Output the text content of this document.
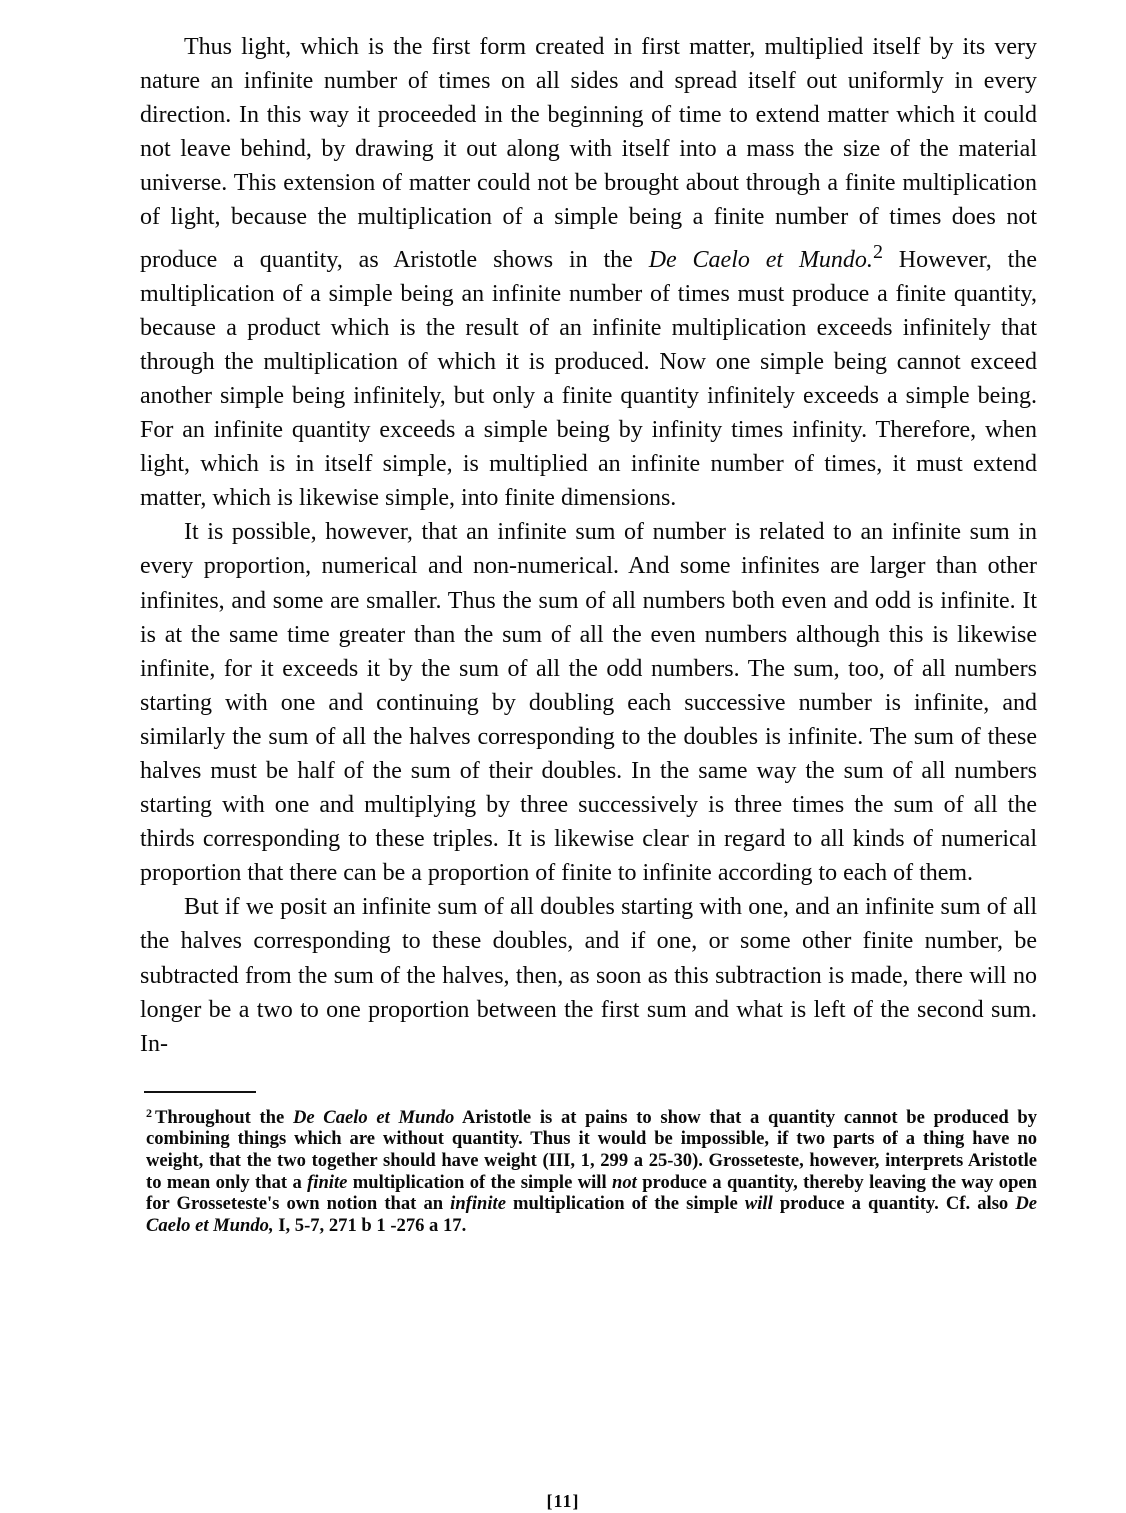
Thus light, which is the first form created in first matter, multiplied itself by its very nature an infinite number of times on all sides and spread itself out uniformly in every direction. In this way it proceeded in the beginning of time to extend matter which it could not leave behind, by drawing it out along with itself into a mass the size of the material universe. This extension of matter could not be brought about through a finite multiplication of light, because the multiplication of a simple being a finite number of times does not produce a quantity, as Aristotle shows in the De Caelo et Mundo.$^2$ However, the multiplication of a simple being an infinite number of times must produce a finite quantity, because a product which is the result of an infinite multiplication exceeds infinitely that through the multiplication of which it is produced. Now one simple being cannot exceed another simple being infinitely, but only a finite quantity infinitely exceeds a simple being. For an infinite quantity exceeds a simple being by infinity times infinity. Therefore, when light, which is in itself simple, is multiplied an infinite number of times, it must extend matter, which is likewise simple, into finite dimensions.

It is possible, however, that an infinite sum of number is related to an infinite sum in every proportion, numerical and non-numerical. And some infinites are larger than other infinites, and some are smaller. Thus the sum of all numbers both even and odd is infinite. It is at the same time greater than the sum of all the even numbers although this is likewise infinite, for it exceeds it by the sum of all the odd numbers. The sum, too, of all numbers starting with one and continuing by doubling each successive number is infinite, and similarly the sum of all the halves corresponding to the doubles is infinite. The sum of these halves must be half of the sum of their doubles. In the same way the sum of all numbers starting with one and multiplying by three successively is three times the sum of all the thirds corresponding to these triples. It is likewise clear in regard to all kinds of numerical proportion that there can be a proportion of finite to infinite according to each of them.

But if we posit an infinite sum of all doubles starting with one, and an infinite sum of all the halves corresponding to these doubles, and if one, or some other finite number, be subtracted from the sum of the halves, then, as soon as this subtraction is made, there will no longer be a two to one proportion between the first sum and what is left of the second sum. In-

$^2$ Throughout the De Caelo et Mundo Aristotle is at pains to show that a quantity cannot be produced by combining things which are without quantity. Thus it would be impossible, if two parts of a thing have no weight, that the two together should have weight (III, 1, 299 a 25-30). Grosseteste, however, interprets Aristotle to mean only that a finite multiplication of the simple will not produce a quantity, thereby leaving the way open for Grosseteste's own notion that an infinite multiplication of the simple will produce a quantity. Cf. also De Caelo et Mundo, I, 5-7, 271 b 1 -276 a 17.

[11]
